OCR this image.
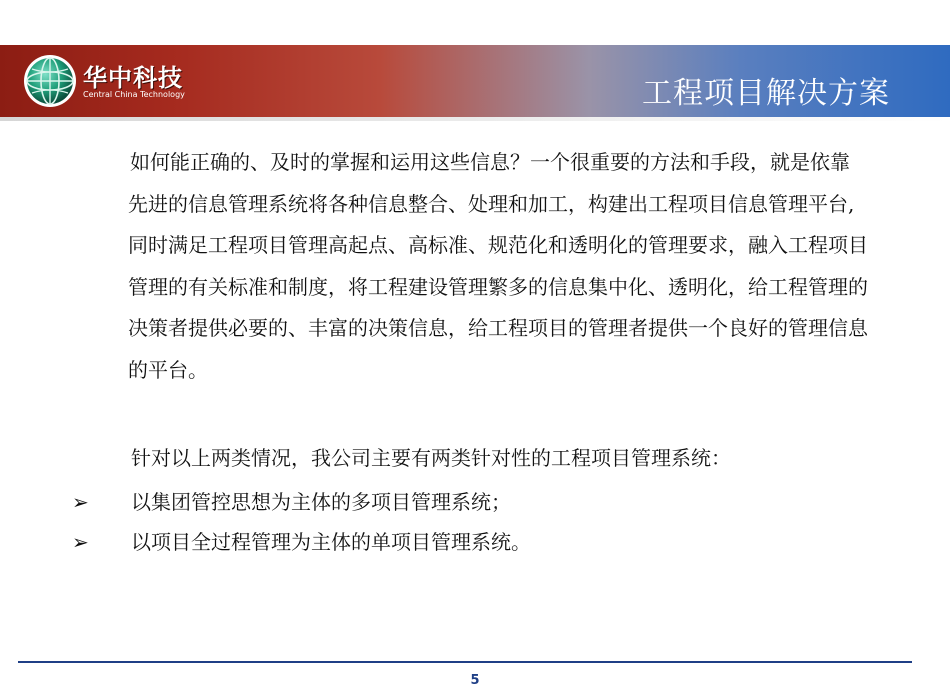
华中科技
Central China Technology	工程项目解决方案
如何能正确的、及时的掌握和运用这些信息？一个很重要的方法和手段，就是依靠先进的信息管理系统将各种信息整合、处理和加工，构建出工程项目信息管理平台,同时满足工程项目管理高起点、高标准、规范化和透明化的管理要求，融入工程项目管理的有关标准和制度，将工程建设管理繁多的信息集中化、透明化，给工程管理的决策者提供必要的、丰富的决策信息，给工程项目的管理者提供一个良好的管理信息的平台。
针对以上两类情况，我公司主要有两类针对性的工程项目管理系统：
➢ 以集团管控思想为主体的多项目管理系统；
➢ 以项目全过程管理为主体的单项目管理系统。
5
